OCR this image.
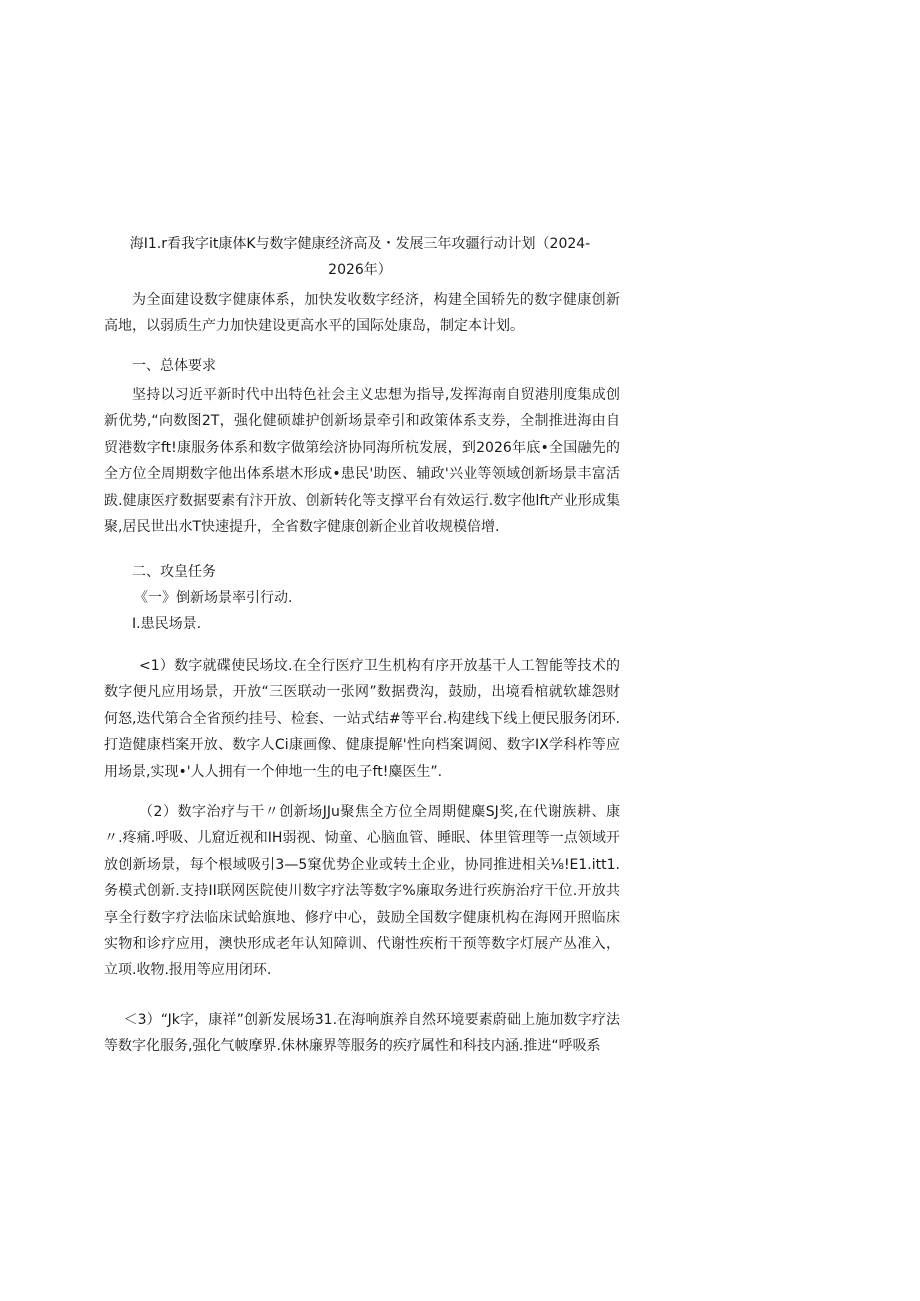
海I1.r看我字it康体K与数字健康经济高及・发展三年攻疆行动计划（2024-

2026年）

为全面建设数字健康体系，加快发收数字经济，构建全国轿先的数字健康创新高地，以弱质生产力加快建设更高水平的国际处康岛，制定本计划。

一、总体要求

坚持以习近平新时代中出特色社会主义忠想为指导,发挥海南自贸港刖度集成创新优势,“向数图2T，强化健硕雄护创新场景牵引和政策体系支券，全制推进海由自贸港数字ft!康服务体系和数字做第绘济协同海所杭发展，到2026年底•全国融先的全方位全周期数字他出体系堪木形成•患民'助医、辅政'兴业等领域创新场景丰富活跋.健康医疗数据要素有汴开放、创新转化等支撑平台有效运行.数字他lft产业形成集聚,居民世出水T快速提升，全省数字健康创新企业首收规模倍增.

二、攻皇任务

《一》倒新场景率引行动.

I.患民场景.

<1）数字就碟使民场坟.在全行医疗卫生机构有序开放基干人工智能等技术的数字便凡应用场景，开放“三医联动一张网”数据费沟，鼓励，出境看棺就软雄怨财何怒,迭代第合全省预约挂号、检套、一站式结#等平台.构建线下线上便民服务闭环.打造健康档案开放、数字人Ci康画像、健康提解'性向档案调阅、数字IX学科柞等应用场景,实现•'人人拥有一个伸地一生的电子ft!麋医生”.

（2）数字治疗与干〃创新场JJu聚焦全方位全周期健麋SJ奖,在代谢族耕、康〃.疼痛.呼吸、儿窟近视和IH弱视、恸童、心脑血管、睡眠、体里管理等一点领域开放创新场景，每个根域吸引3—5窠优势企业或转土企业，协同推进相关⅛!E1.itt1.务模式创新.支持II联网医院使川数字疗法等数字%廉取务进行疾旃治疗干位.开放共享全行数字疗法临床试蛤旗地、修疗中心，鼓励全国数字健康机构在海网开照临床实物和诊疗应用，澳快形成老年认知障训、代谢性疾桁干预等数字灯展产丛准入，立项.收物.报用等应用闭环.

＜3）“Jk字，康祥”创新发展场31.在海响旗养自然环境要素蔚础上施加数字疗法等数字化服务,强化气帔摩界.佅林廉界等服务的疾疗属性和科技内涵.推进“呼吸系
